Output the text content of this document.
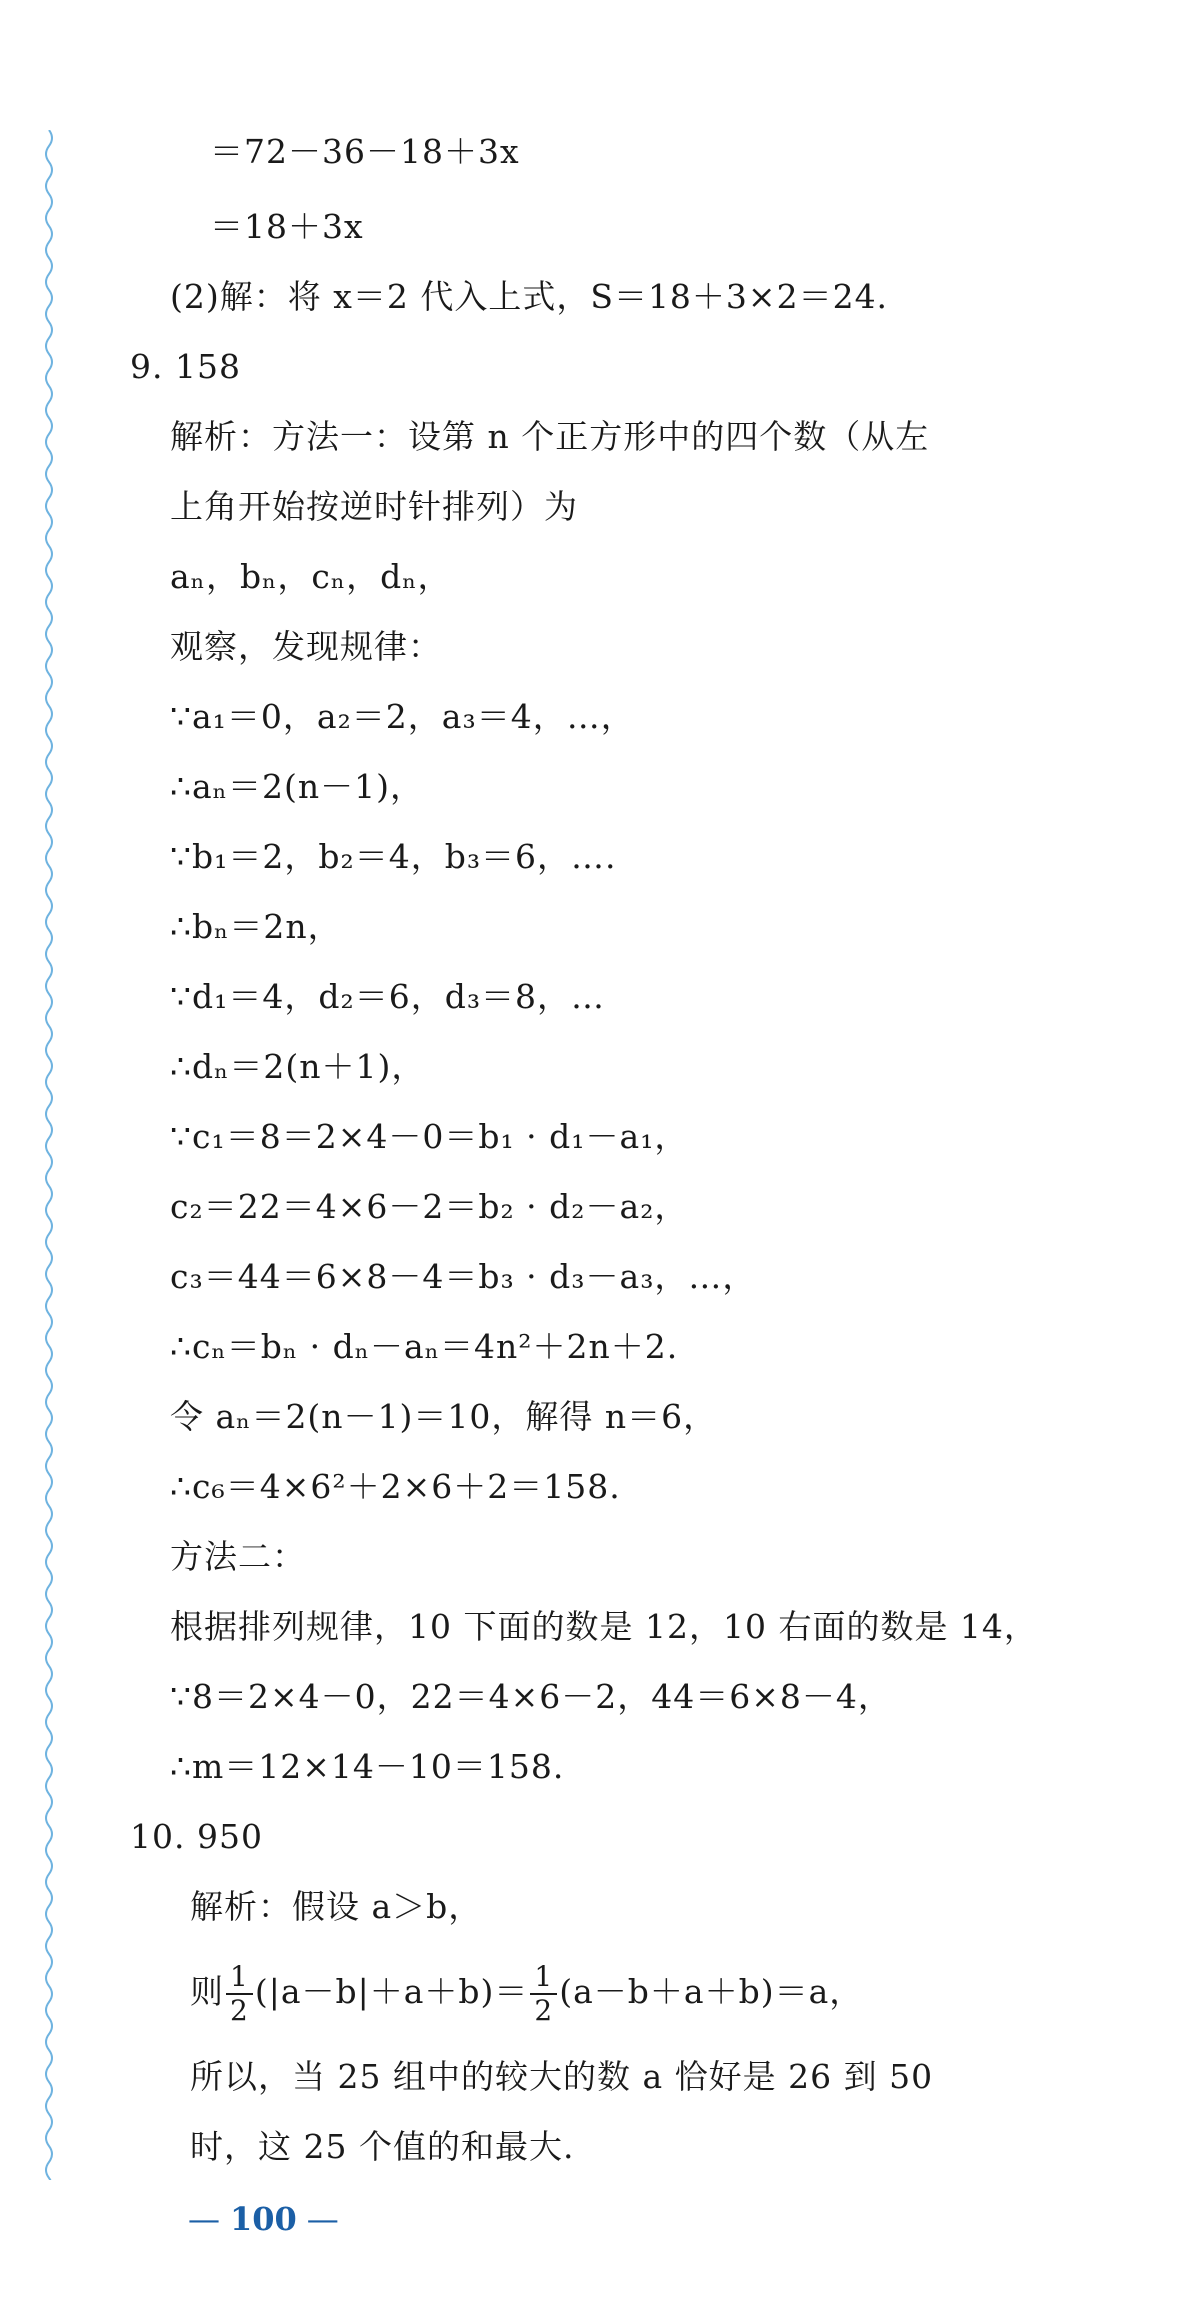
＝72－36－18＋3x
＝18＋3x
(2)解：将 x＝2 代入上式，S＝18＋3×2＝24.
9. 158
解析：方法一：设第 n 个正方形中的四个数（从左
上角开始按逆时针排列）为
aₙ，bₙ，cₙ，dₙ，
观察，发现规律：
∵a₁＝0，a₂＝2，a₃＝4，…，
∴aₙ＝2(n－1)，
∵b₁＝2，b₂＝4，b₃＝6，….
∴bₙ＝2n，
∵d₁＝4，d₂＝6，d₃＝8，…
∴dₙ＝2(n＋1)，
∵c₁＝8＝2×4－0＝b₁ · d₁－a₁，
c₂＝22＝4×6－2＝b₂ · d₂－a₂，
c₃＝44＝6×8－4＝b₃ · d₃－a₃，…，
∴cₙ＝bₙ · dₙ－aₙ＝4n²＋2n＋2.
令 aₙ＝2(n－1)＝10，解得 n＝6，
∴c₆＝4×6²＋2×6＋2＝158.
方法二：
根据排列规律，10 下面的数是 12，10 右面的数是 14，
∵8＝2×4－0，22＝4×6－2，44＝6×8－4，
∴m＝12×14－10＝158.
10. 950
解析：假设 a＞b，
则 $\frac{1}{2} (|a-b|+a+b)= \frac{1}{2} (a-b+a+b)=a$，
所以，当 25 组中的较大的数 a 恰好是 26 到 50
时，这 25 个值的和最大.
— 100 —
